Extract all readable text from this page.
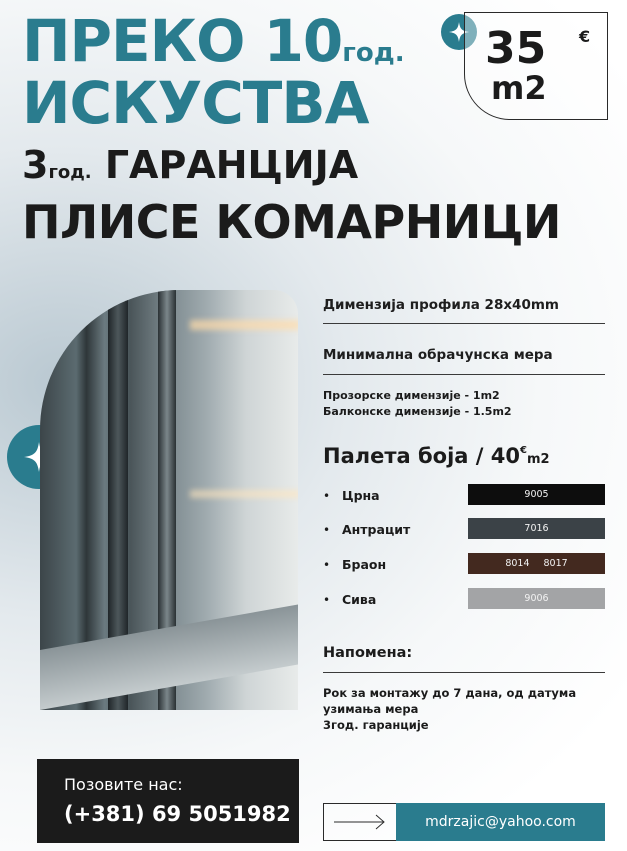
ПРЕКО 10год.
ИСКУСТВА
3год. ГАРАНЦИЈА
ПЛИСЕ КОМАРНИЦИ
35 €
m2
Димензија профила 28x40mm
Минимална обрачунска мера
Прозорске димензије - 1m2
Балконске димензије - 1.5m2
Палета боја / 40€m2
• Црна	9005
• Антрацит	7016
• Браон	8014 8017
• Сива	9006
Напомена:
Рок за монтажу до 7 дана, од датума
узимања мера
3год. гаранције
Позовите нас:
(+381) 69 5051982	mdrzajic@yahoo.com
